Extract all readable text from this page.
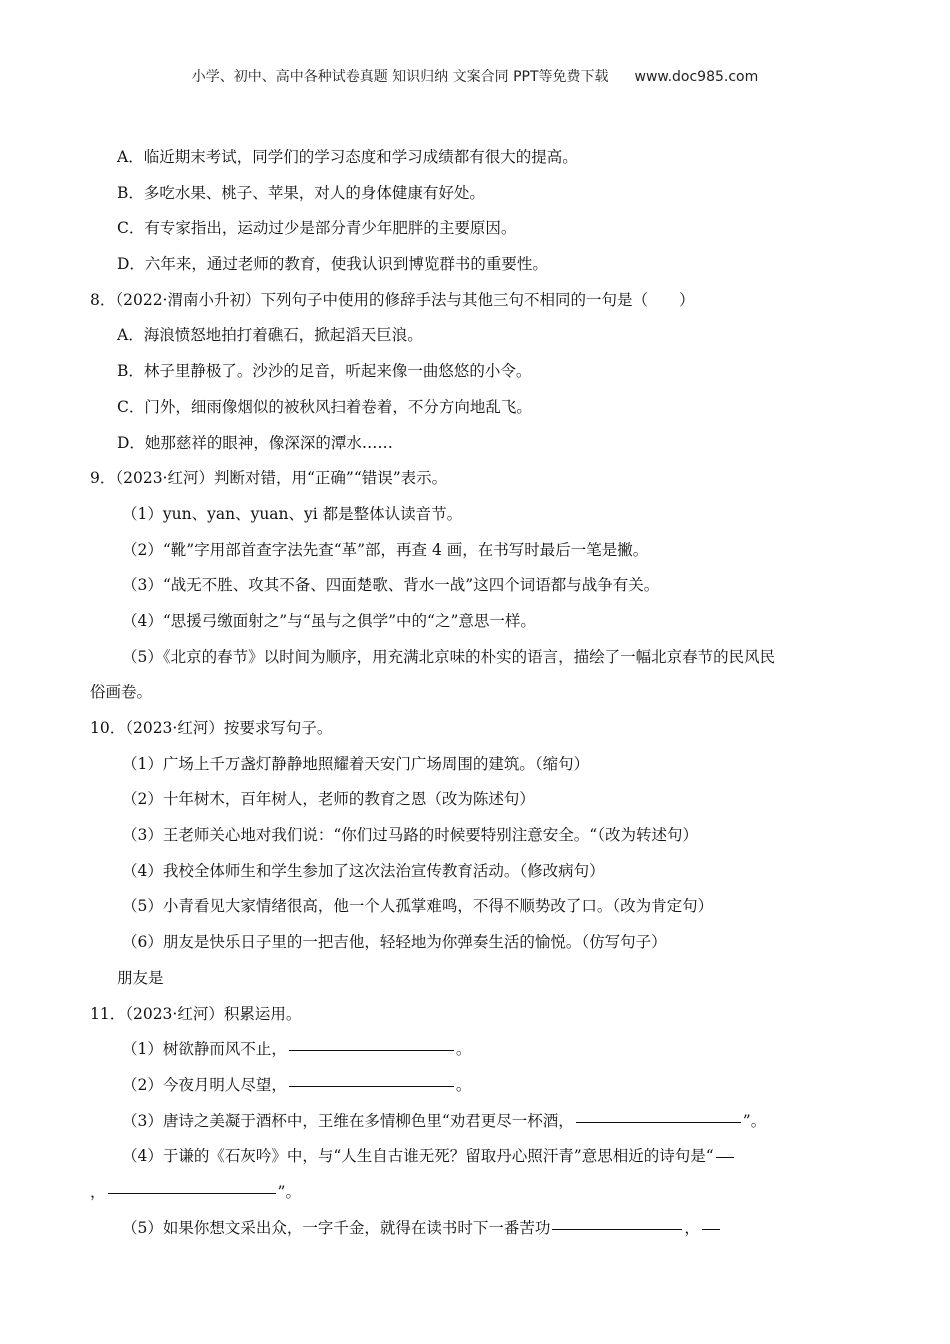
小学、初中、高中各种试卷真题 知识归纳 文案合同 PPT等免费下载 www.doc985.com
A．临近期末考试，同学们的学习态度和学习成绩都有很大的提高。
B．多吃水果、桃子、苹果，对人的身体健康有好处。
C．有专家指出，运动过少是部分青少年肥胖的主要原因。
D．六年来，通过老师的教育，使我认识到博览群书的重要性。
8．（2022·渭南小升初）下列句子中使用的修辞手法与其他三句不相同的一句是（　　）
A．海浪愤怒地拍打着礁石，掀起滔天巨浪。
B．林子里静极了。沙沙的足音，听起来像一曲悠悠的小令。
C．门外，细雨像烟似的被秋风扫着卷着，不分方向地乱飞。
D．她那慈祥的眼神，像深深的潭水……
9．（2023·红河）判断对错，用“正确”“错误”表示。
（1）yun、yan、yuan、yi 都是整体认读音节。
（2）“靴”字用部首查字法先查“革”部，再查 4 画，在书写时最后一笔是撇。
（3）“战无不胜、攻其不备、四面楚歌、背水一战”这四个词语都与战争有关。
（4）“思援弓缴面射之”与“虽与之俱学”中的“之”意思一样。
（5）《北京的春节》以时间为顺序，用充满北京味的朴实的语言，描绘了一幅北京春节的民风民
俗画卷。
10．（2023·红河）按要求写句子。
（1）广场上千万盏灯静静地照耀着天安门广场周围的建筑。（缩句）
（2）十年树木，百年树人，老师的教育之恩（改为陈述句）
（3）王老师关心地对我们说：“你们过马路的时候要特别注意安全。“（改为转述句）
（4）我校全体师生和学生参加了这次法治宣传教育活动。（修改病句）
（5）小青看见大家情绪很高，他一个人孤掌难鸣，不得不顺势改了口。（改为肯定句）
（6）朋友是快乐日子里的一把吉他，轻轻地为你弹奏生活的愉悦。（仿写句子）
朋友是
11．（2023·红河）积累运用。
（1）树欲静而风不止，	。
（2）今夜月明人尽望，	。
（3）唐诗之美凝于酒杯中，王维在多情柳色里“劝君更尽一杯酒，	”。
（4）于谦的《石灰吟》中，与“人生自古谁无死？留取丹心照汗青”意思相近的诗句是“
，	”。
（5）如果你想文采出众，一字千金，就得在读书时下一番苦功	，
